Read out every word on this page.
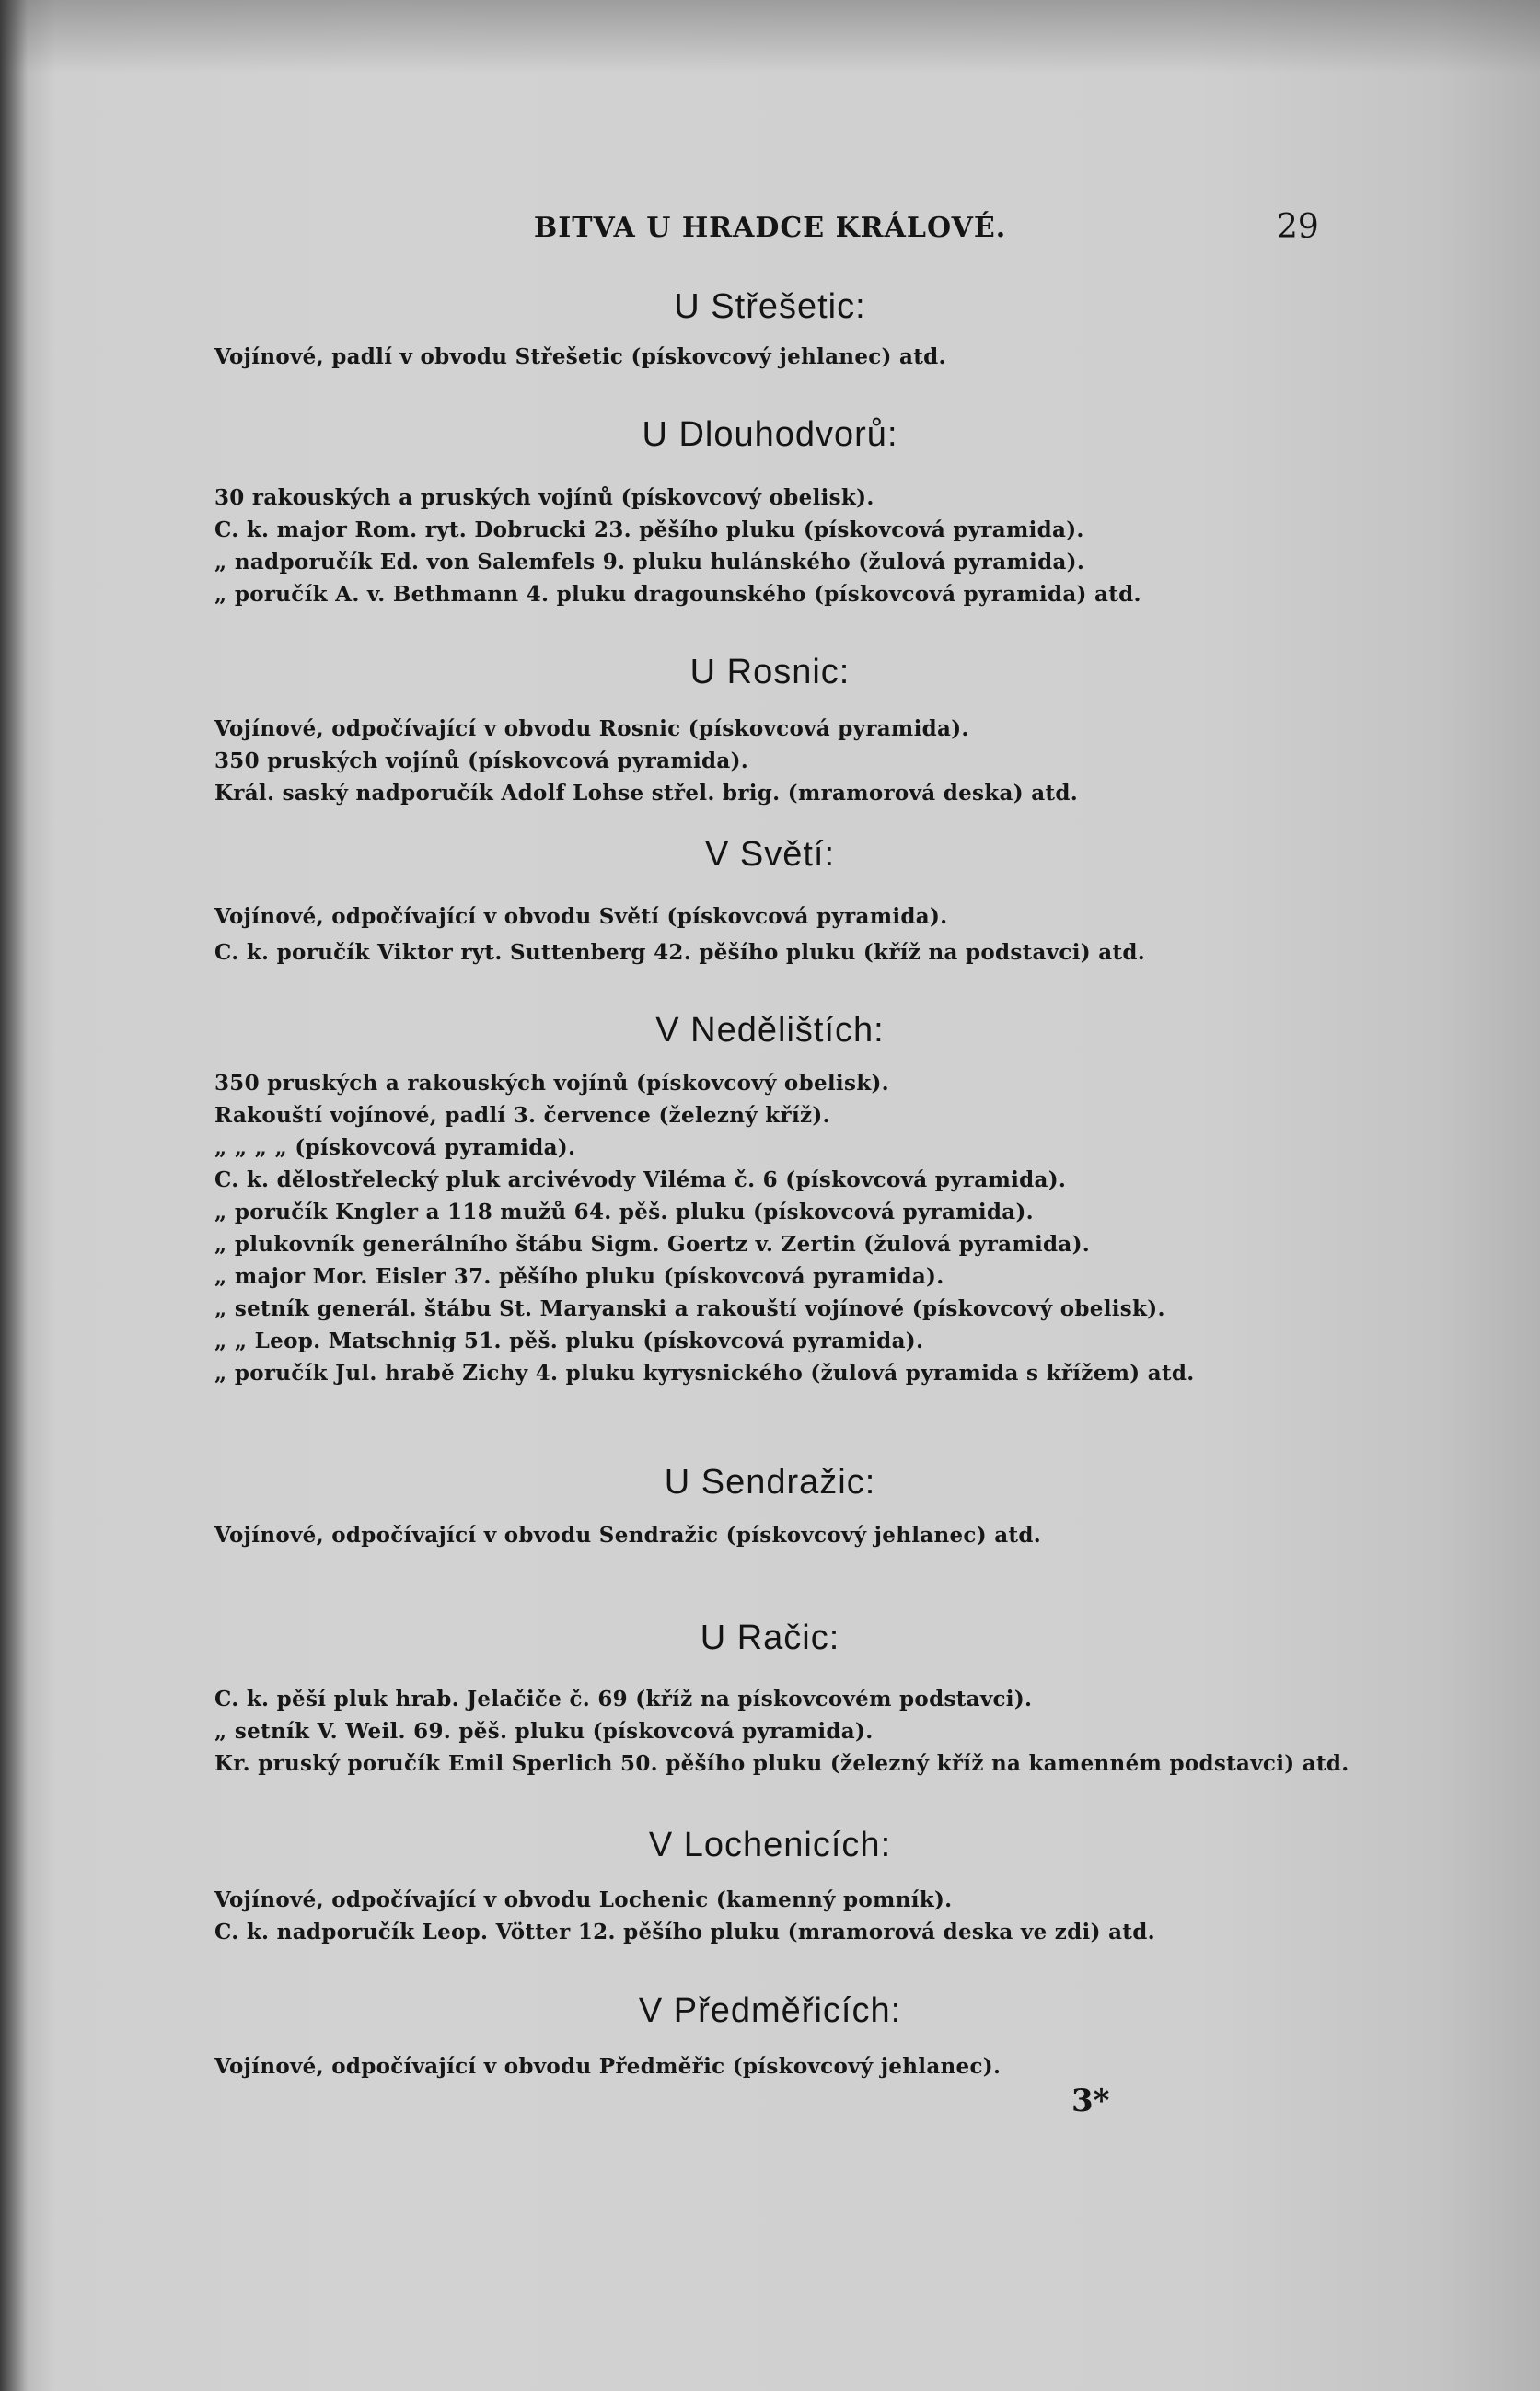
BITVA U HRADCE KRÁLOVÉ.	29
U Střešetic:
Vojínové, padlí v obvodu Střešetic (pískovcový jehlanec) atd.
U Dlouhodvorů:
30 rakouských a pruských vojínů (pískovcový obelisk).
C. k. major Rom. ryt. Dobrucki 23. pěšího pluku (pískovcová pyramida).
„ nadporučík Ed. von Salemfels 9. pluku hulánského (žulová pyramida).
„ poručík A. v. Bethmann 4. pluku dragounského (pískovcová pyramida) atd.
U Rosnic:
Vojínové, odpočívající v obvodu Rosnic (pískovcová pyramida).
350 pruských vojínů (pískovcová pyramida).
Král. saský nadporučík Adolf Lohse střel. brig. (mramorová deska) atd.
V Světí:
Vojínové, odpočívající v obvodu Světí (pískovcová pyramida).
C. k. poručík Viktor ryt. Suttenberg 42. pěšího pluku (kříž na podstavci) atd.
V Nedělištích:
350 pruských a rakouských vojínů (pískovcový obelisk).
Rakouští vojínové, padlí 3. července (železný kříž).
„ „ „ „ (pískovcová pyramida).
C. k. dělostřelecký pluk arcivévody Viléma č. 6 (pískovcová pyramida).
„ poručík Kngler a 118 mužů 64. pěš. pluku (pískovcová pyramida).
„ plukovník generálního štábu Sigm. Goertz v. Zertin (žulová pyramida).
„ major Mor. Eisler 37. pěšího pluku (pískovcová pyramida).
„ setník generál. štábu St. Maryanski a rakouští vojínové (pískovcový obelisk).
„ „ Leop. Matschnig 51. pěš. pluku (pískovcová pyramida).
„ poručík Jul. hrabě Zichy 4. pluku kyrysnického (žulová pyramida s křížem) atd.
U Sendražic:
Vojínové, odpočívající v obvodu Sendražic (pískovcový jehlanec) atd.
U Račic:
C. k. pěší pluk hrab. Jelačiče č. 69 (kříž na pískovcovém podstavci).
„ setník V. Weil. 69. pěš. pluku (pískovcová pyramida).
Kr. pruský poručík Emil Sperlich 50. pěšího pluku (železný kříž na kamenném podstavci) atd.
V Lochenicích:
Vojínové, odpočívající v obvodu Lochenic (kamenný pomník).
C. k. nadporučík Leop. Vötter 12. pěšího pluku (mramorová deska ve zdi) atd.
V Předměřicích:
Vojínové, odpočívající v obvodu Předměřic (pískovcový jehlanec).
3*
